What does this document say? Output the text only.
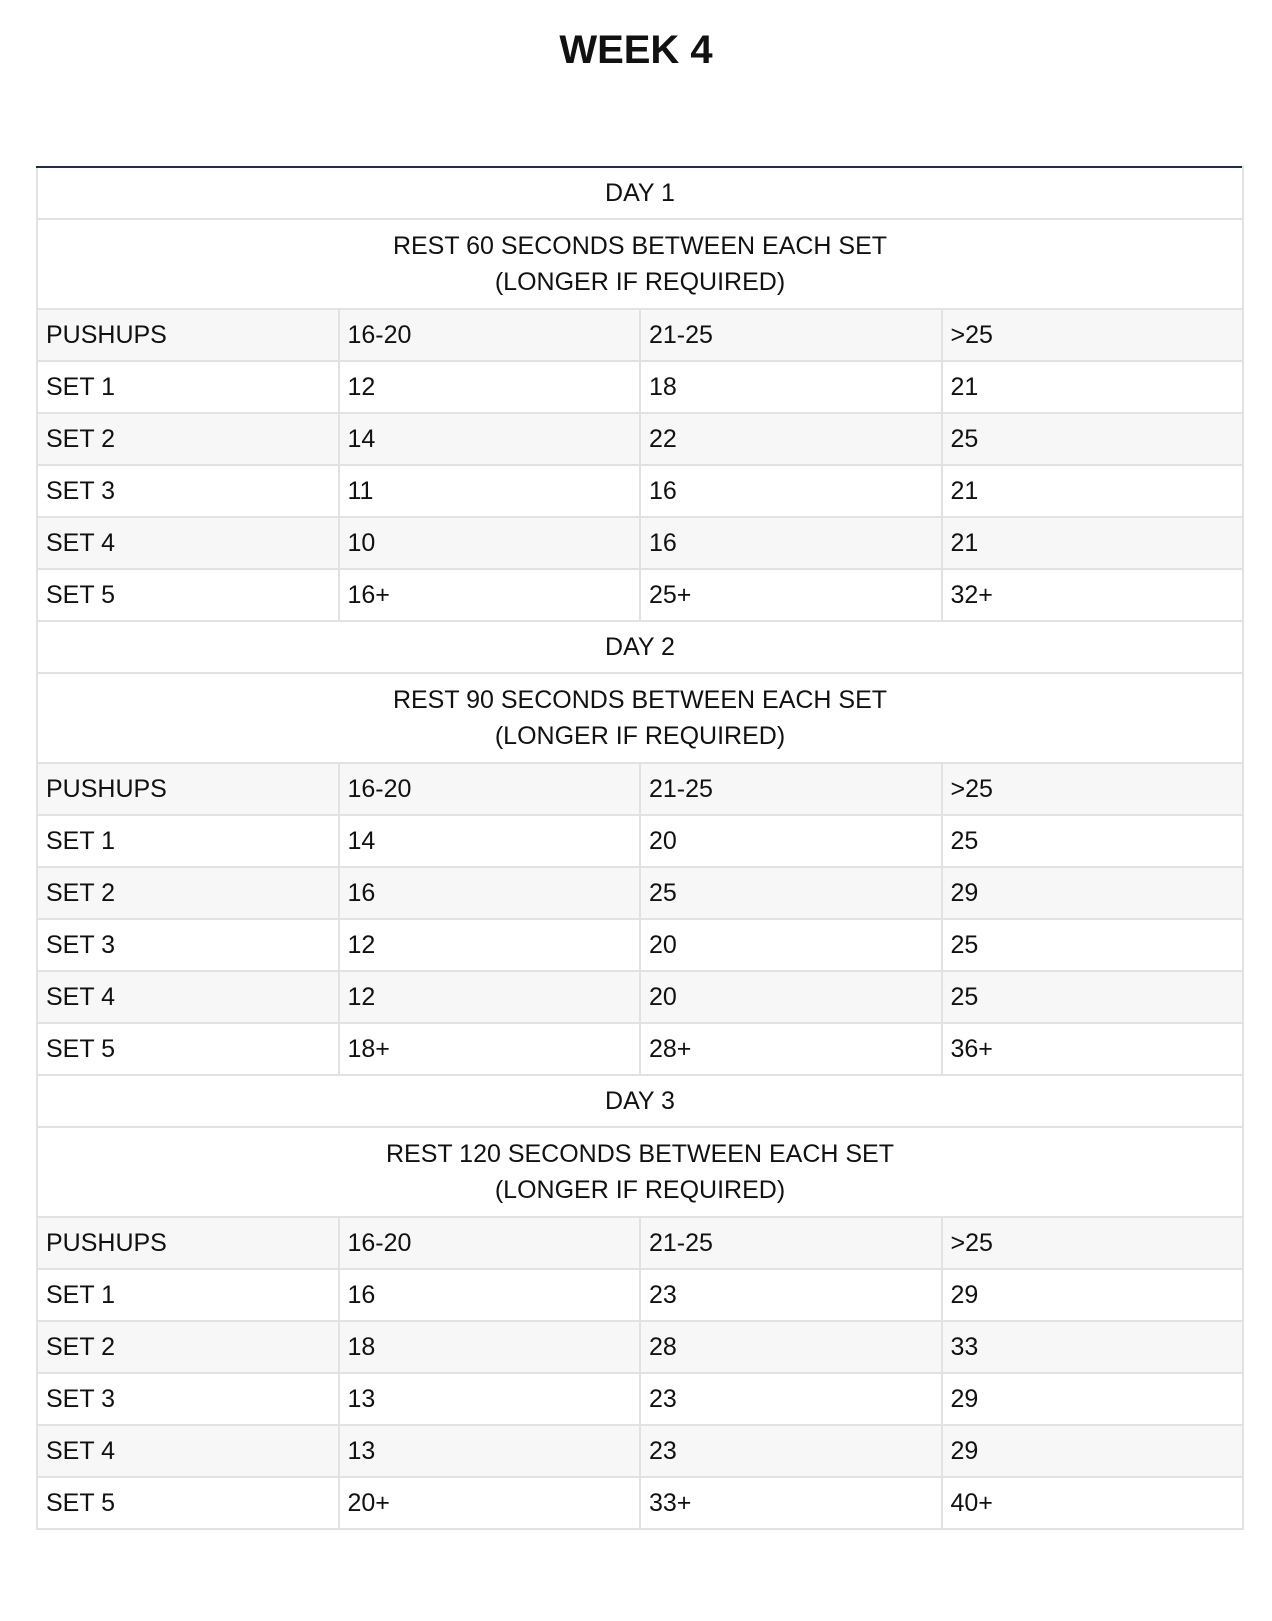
WEEK 4
DAY 1			

REST 60 SECONDS BETWEEN EACH SET
(LONGER IF REQUIRED)			

PUSHUPS	16-20	21-25	>25
SET 1	12	18	21
SET 2	14	22	25
SET 3	11	16	21
SET 4	10	16	21
SET 5	16+	25+	32+
DAY 2			

REST 90 SECONDS BETWEEN EACH SET
(LONGER IF REQUIRED)			

PUSHUPS	16-20	21-25	>25
SET 1	14	20	25
SET 2	16	25	29
SET 3	12	20	25
SET 4	12	20	25
SET 5	18+	28+	36+
DAY 3			

REST 120 SECONDS BETWEEN EACH SET
(LONGER IF REQUIRED)			

PUSHUPS	16-20	21-25	>25
SET 1	16	23	29
SET 2	18	28	33
SET 3	13	23	29
SET 4	13	23	29
SET 5	20+	33+	40+
